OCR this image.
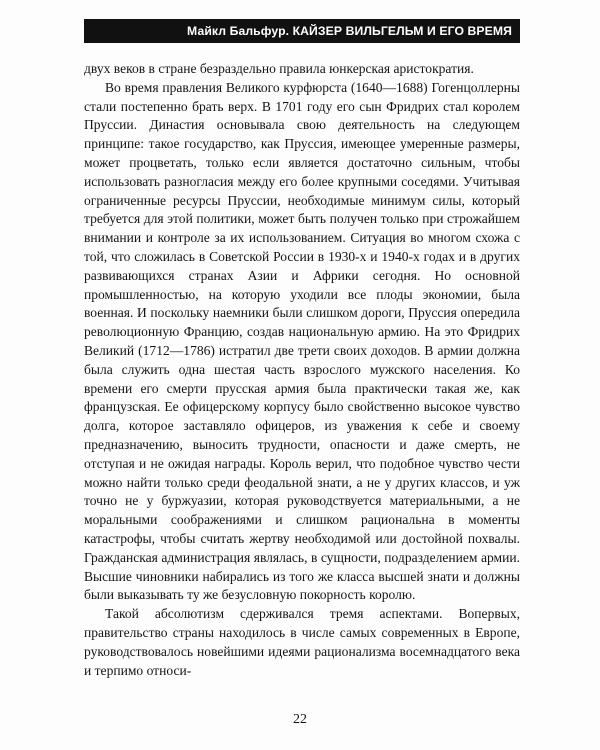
Майкл Бальфур. КАЙЗЕР ВИЛЬГЕЛЬМ И ЕГО ВРЕМЯ

двух веков в стране безраздельно правила юнкерская аристократия.

Во время правления Великого курфюрста (1640—1688) Гогенцоллерны стали постепенно брать верх. В 1701 году его сын Фридрих стал королем Пруссии. Династия основывала свою деятельность на следующем принципе: такое государство, как Пруссия, имеющее умеренные размеры, может процветать, только если является достаточно сильным, чтобы использовать разногласия между его более крупными соседями. Учитывая ограниченные ресурсы Пруссии, необходимые минимум силы, который требуется для этой политики, может быть получен только при строжайшем внимании и контроле за их использованием. Ситуация во многом схожа с той, что сложилась в Советской России в 1930-х и 1940-х годах и в других развивающихся странах Азии и Африки сегодня. Но основной промышленностью, на которую уходили все плоды экономии, была военная. И поскольку наемники были слишком дороги, Пруссия опередила революционную Францию, создав национальную армию. На это Фридрих Великий (1712—1786) истратил две трети своих доходов. В армии должна была служить одна шестая часть взрослого мужского населения. Ко времени его смерти прусская армия была практически такая же, как французская. Ее офицерскому корпусу было свойственно высокое чувство долга, которое заставляло офицеров, из уважения к себе и своему предназначению, выносить трудности, опасности и даже смерть, не отступая и не ожидая награды. Король верил, что подобное чувство чести можно найти только среди феодальной знати, а не у других классов, и уж точно не у буржуазии, которая руководствуется материальными, а не моральными соображениями и слишком рациональна в моменты катастрофы, чтобы считать жертву необходимой или достойной похвалы. Гражданская администрация являлась, в сущности, подразделением армии. Высшие чиновники набирались из того же класса высшей знати и должны были выказывать ту же безусловную покорность королю.

Такой абсолютизм сдерживался тремя аспектами. Вопервых, правительство страны находилось в числе самых современных в Европе, руководствовалось новейшими идеями рационализма восемнадцатого века и терпимо относи-

22
